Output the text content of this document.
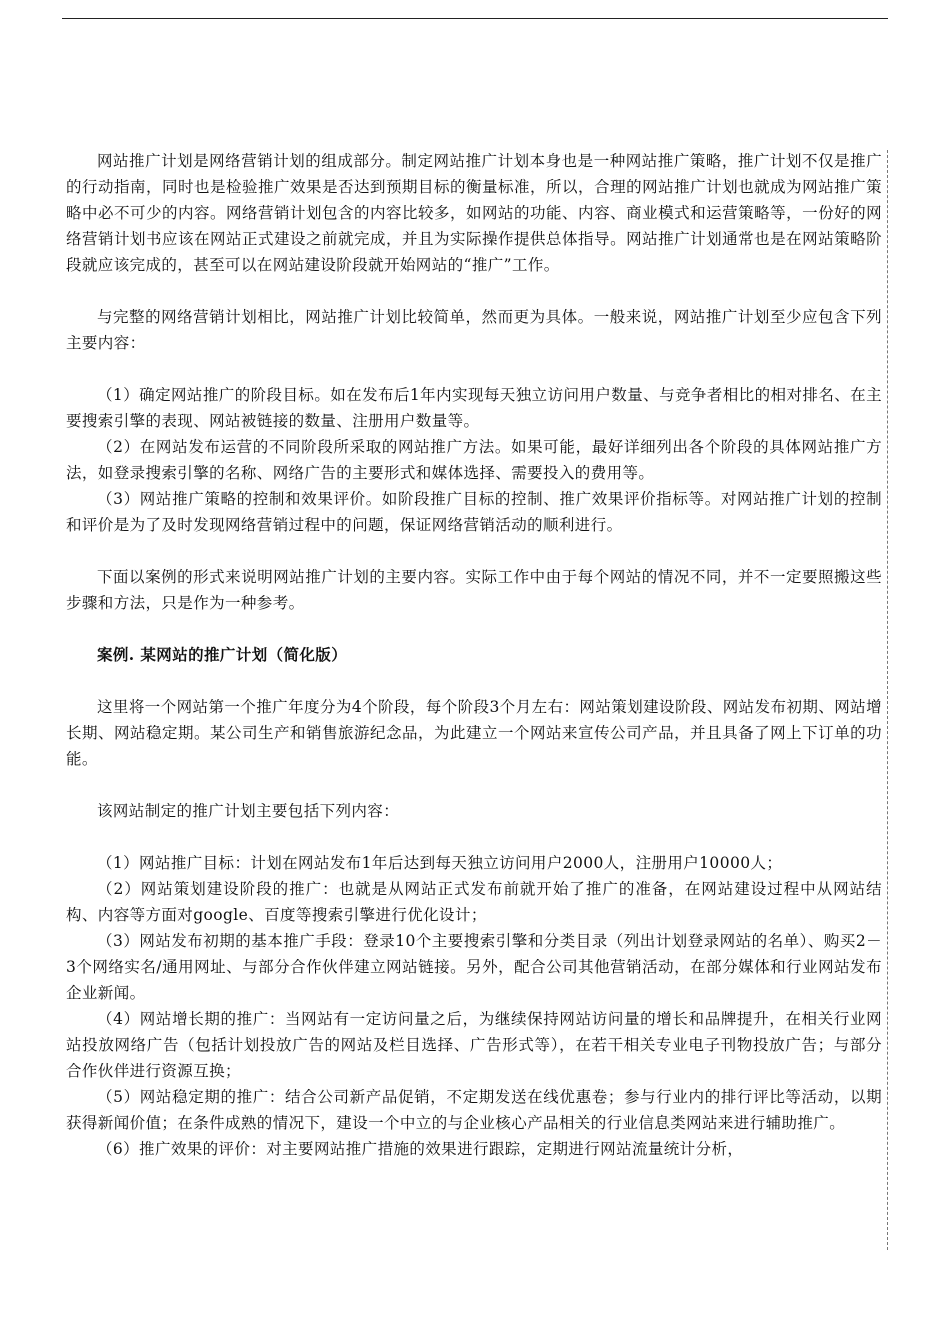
网站推广计划是网络营销计划的组成部分。制定网站推广计划本身也是一种网站推广策略，推广计划不仅是推广的行动指南，同时也是检验推广效果是否达到预期目标的衡量标准，所以，合理的网站推广计划也就成为网站推广策略中必不可少的内容。网络营销计划包含的内容比较多，如网站的功能、内容、商业模式和运营策略等，一份好的网络营销计划书应该在网站正式建设之前就完成，并且为实际操作提供总体指导。网站推广计划通常也是在网站策略阶段就应该完成的，甚至可以在网站建设阶段就开始网站的“推广”工作。

与完整的网络营销计划相比，网站推广计划比较简单，然而更为具体。一般来说，网站推广计划至少应包含下列主要内容：

（1）确定网站推广的阶段目标。如在发布后1年内实现每天独立访问用户数量、与竞争者相比的相对排名、在主要搜索引擎的表现、网站被链接的数量、注册用户数量等。

（2）在网站发布运营的不同阶段所采取的网站推广方法。如果可能，最好详细列出各个阶段的具体网站推广方法，如登录搜索引擎的名称、网络广告的主要形式和媒体选择、需要投入的费用等。

（3）网站推广策略的控制和效果评价。如阶段推广目标的控制、推广效果评价指标等。对网站推广计划的控制和评价是为了及时发现网络营销过程中的问题，保证网络营销活动的顺利进行。

下面以案例的形式来说明网站推广计划的主要内容。实际工作中由于每个网站的情况不同，并不一定要照搬这些步骤和方法，只是作为一种参考。

案例. 某网站的推广计划（简化版）

这里将一个网站第一个推广年度分为4个阶段，每个阶段3个月左右：网站策划建设阶段、网站发布初期、网站增长期、网站稳定期。某公司生产和销售旅游纪念品，为此建立一个网站来宣传公司产品，并且具备了网上下订单的功能。

该网站制定的推广计划主要包括下列内容：

（1）网站推广目标：计划在网站发布1年后达到每天独立访问用户2000人，注册用户10000人；

（2）网站策划建设阶段的推广：也就是从网站正式发布前就开始了推广的准备，在网站建设过程中从网站结构、内容等方面对google、百度等搜索引擎进行优化设计；

（3）网站发布初期的基本推广手段：登录10个主要搜索引擎和分类目录（列出计划登录网站的名单）、购买2－3个网络实名/通用网址、与部分合作伙伴建立网站链接。另外，配合公司其他营销活动，在部分媒体和行业网站发布企业新闻。

（4）网站增长期的推广：当网站有一定访问量之后，为继续保持网站访问量的增长和品牌提升，在相关行业网站投放网络广告（包括计划投放广告的网站及栏目选择、广告形式等），在若干相关专业电子刊物投放广告；与部分合作伙伴进行资源互换；

（5）网站稳定期的推广：结合公司新产品促销，不定期发送在线优惠卷；参与行业内的排行评比等活动，以期获得新闻价值；在条件成熟的情况下，建设一个中立的与企业核心产品相关的行业信息类网站来进行辅助推广。

（6）推广效果的评价：对主要网站推广措施的效果进行跟踪，定期进行网站流量统计分析，
